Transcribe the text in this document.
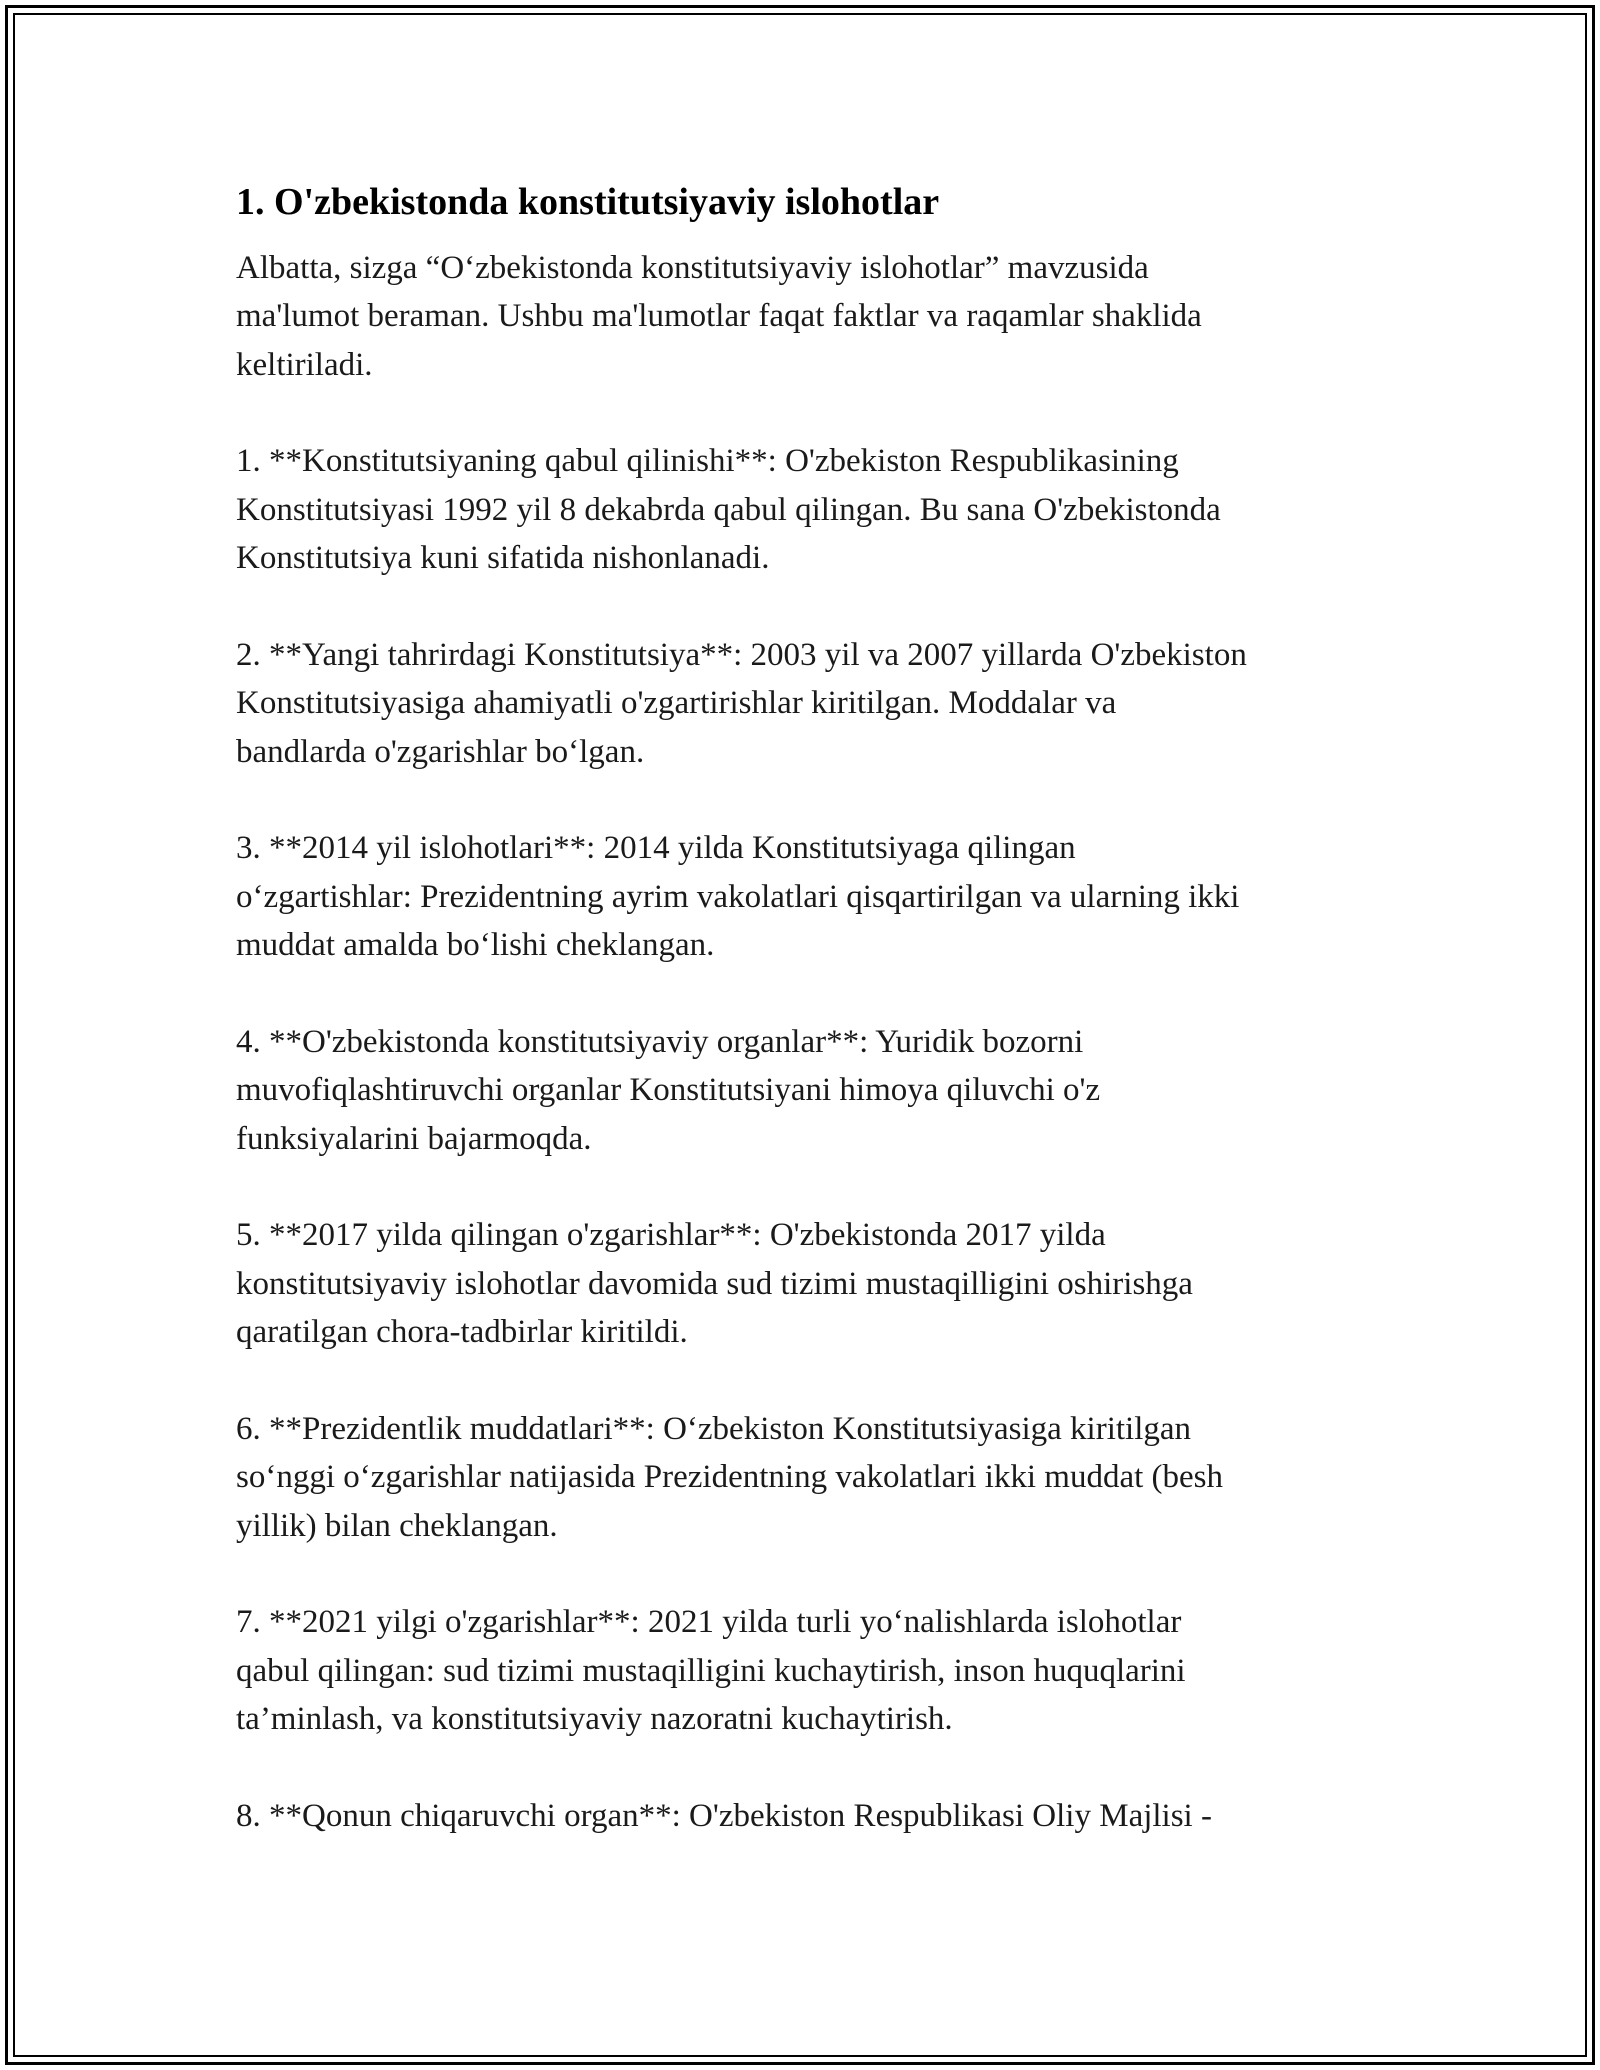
1. O'zbekistonda konstitutsiyaviy islohotlar

Albatta, sizga “O‘zbekistonda konstitutsiyaviy islohotlar” mavzusida
ma'lumot beraman. Ushbu ma'lumotlar faqat faktlar va raqamlar shaklida
keltiriladi.

1. **Konstitutsiyaning qabul qilinishi**: O'zbekiston Respublikasining
Konstitutsiyasi 1992 yil 8 dekabrda qabul qilingan. Bu sana O'zbekistonda
Konstitutsiya kuni sifatida nishonlanadi.

2. **Yangi tahrirdagi Konstitutsiya**: 2003 yil va 2007 yillarda O'zbekiston
Konstitutsiyasiga ahamiyatli o'zgartirishlar kiritilgan. Moddalar va
bandlarda o'zgarishlar bo‘lgan.

3. **2014 yil islohotlari**: 2014 yilda Konstitutsiyaga qilingan
o‘zgartishlar: Prezidentning ayrim vakolatlari qisqartirilgan va ularning ikki
muddat amalda bo‘lishi cheklangan.

4. **O'zbekistonda konstitutsiyaviy organlar**: Yuridik bozorni
muvofiqlashtiruvchi organlar Konstitutsiyani himoya qiluvchi o'z
funksiyalarini bajarmoqda.

5. **2017 yilda qilingan o'zgarishlar**: O'zbekistonda 2017 yilda
konstitutsiyaviy islohotlar davomida sud tizimi mustaqilligini oshirishga
qaratilgan chora-tadbirlar kiritildi.

6. **Prezidentlik muddatlari**: O‘zbekiston Konstitutsiyasiga kiritilgan
so‘nggi o‘zgarishlar natijasida Prezidentning vakolatlari ikki muddat (besh
yillik) bilan cheklangan.

7. **2021 yilgi o'zgarishlar**: 2021 yilda turli yo‘nalishlarda islohotlar
qabul qilingan: sud tizimi mustaqilligini kuchaytirish, inson huquqlarini
ta’minlash, va konstitutsiyaviy nazoratni kuchaytirish.

8. **Qonun chiqaruvchi organ**: O'zbekiston Respublikasi Oliy Majlisi -
